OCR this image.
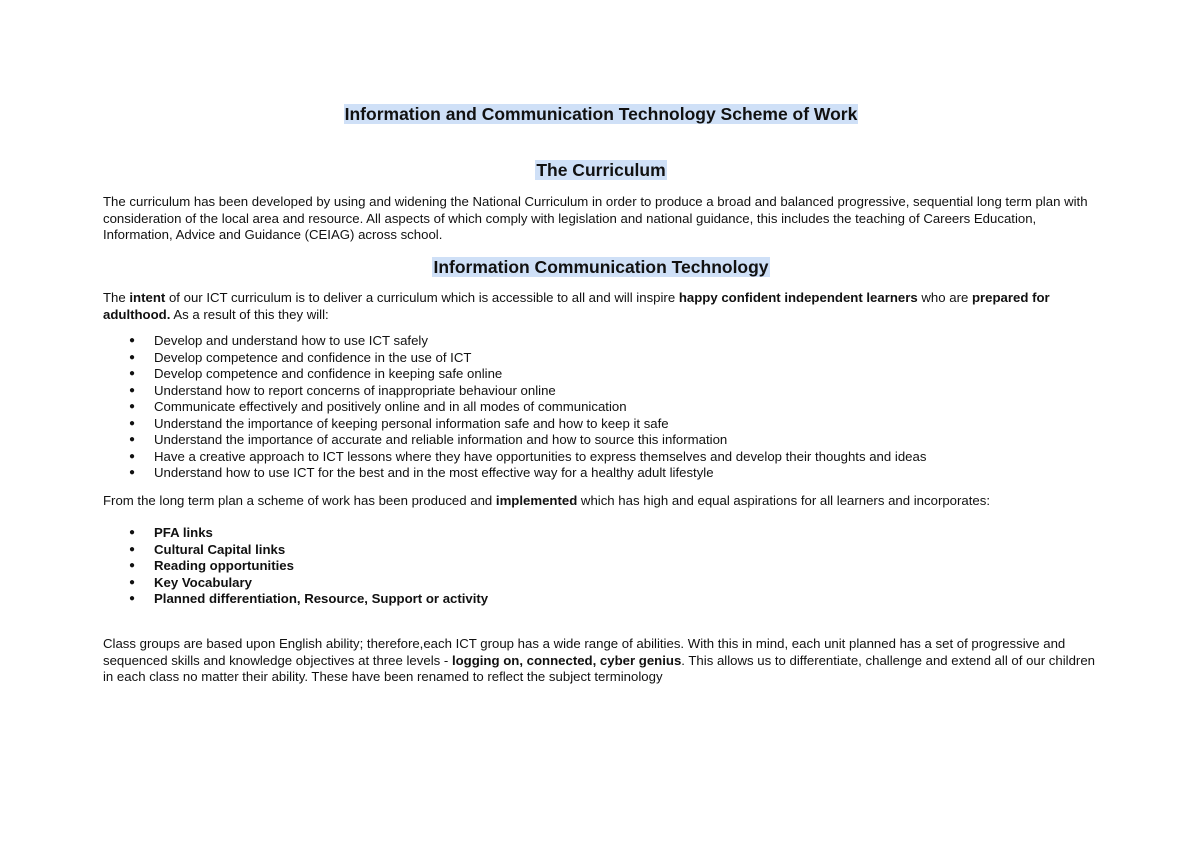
Information and Communication Technology Scheme of Work
The Curriculum

The curriculum has been developed by using and widening the National Curriculum in order to produce a broad and balanced progressive, sequential long term plan with consideration of the local area and resource. All aspects of which comply with legislation and national guidance, this includes the teaching of Careers Education, Information, Advice and Guidance (CEIAG) across school.

Information Communication Technology

The intent of our ICT curriculum is to deliver a curriculum which is accessible to all and will inspire happy confident independent learners who are prepared for adulthood. As a result of this they will:

● Develop and understand how to use ICT safely
● Develop competence and confidence in the use of ICT
● Develop competence and confidence in keeping safe online
● Understand how to report concerns of inappropriate behaviour online
● Communicate effectively and positively online and in all modes of communication
● Understand the importance of keeping personal information safe and how to keep it safe
● Understand the importance of accurate and reliable information and how to source this information
● Have a creative approach to ICT lessons where they have opportunities to express themselves and develop their thoughts and ideas
● Understand how to use ICT for the best and in the most effective way for a healthy adult lifestyle

From the long term plan a scheme of work has been produced and implemented which has high and equal aspirations for all learners and incorporates:

● PFA links
● Cultural Capital links
● Reading opportunities
● Key Vocabulary
● Planned differentiation, Resource, Support or activity

Class groups are based upon English ability; therefore,each ICT group has a wide range of abilities. With this in mind, each unit planned has a set of progressive and sequenced skills and knowledge objectives at three levels - logging on, connected, cyber genius. This allows us to differentiate, challenge and extend all of our children in each class no matter their ability. These have been renamed to reflect the subject terminology
